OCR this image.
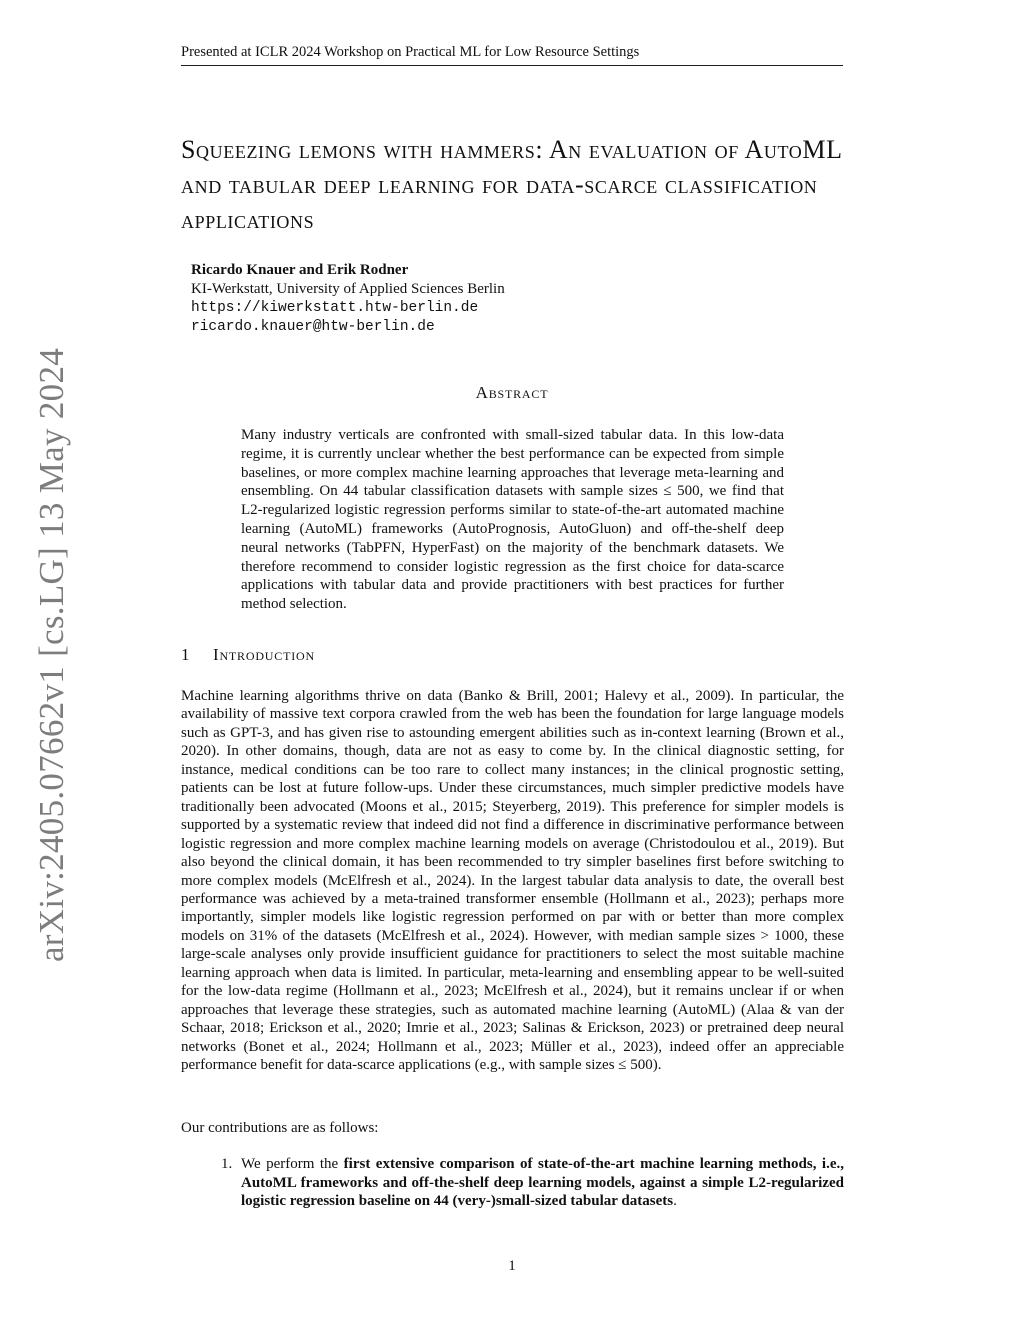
Presented at ICLR 2024 Workshop on Practical ML for Low Resource Settings
arXiv:2405.07662v1 [cs.LG] 13 May 2024
Squeezing lemons with hammers: An evaluation of AutoML and tabular deep learning for data-scarce classification applications
Ricardo Knauer and Erik Rodner
KI-Werkstatt, University of Applied Sciences Berlin
https://kiwerkstatt.htw-berlin.de
ricardo.knauer@htw-berlin.de
Abstract
Many industry verticals are confronted with small-sized tabular data. In this low-data regime, it is currently unclear whether the best performance can be expected from simple baselines, or more complex machine learning approaches that leverage meta-learning and ensembling. On 44 tabular classification datasets with sample sizes ≤ 500, we find that L2-regularized logistic regression performs similar to state-of-the-art automated machine learning (AutoML) frameworks (AutoPrognosis, AutoGluon) and off-the-shelf deep neural networks (TabPFN, HyperFast) on the majority of the benchmark datasets. We therefore recommend to consider logistic regression as the first choice for data-scarce applications with tabular data and provide practitioners with best practices for further method selection.
1 Introduction

Machine learning algorithms thrive on data (Banko & Brill, 2001; Halevy et al., 2009). In particular, the availability of massive text corpora crawled from the web has been the foundation for large language models such as GPT-3, and has given rise to astounding emergent abilities such as in-context learning (Brown et al., 2020). In other domains, though, data are not as easy to come by. In the clinical diagnostic setting, for instance, medical conditions can be too rare to collect many instances; in the clinical prognostic setting, patients can be lost at future follow-ups. Under these circumstances, much simpler predictive models have traditionally been advocated (Moons et al., 2015; Steyerberg, 2019). This preference for simpler models is supported by a systematic review that indeed did not find a difference in discriminative performance between logistic regression and more complex machine learning models on average (Christodoulou et al., 2019). But also beyond the clinical domain, it has been recommended to try simpler baselines first before switching to more complex models (McElfresh et al., 2024). In the largest tabular data analysis to date, the overall best performance was achieved by a meta-trained transformer ensemble (Hollmann et al., 2023); perhaps more importantly, simpler models like logistic regression performed on par with or better than more complex models on 31% of the datasets (McElfresh et al., 2024). However, with median sample sizes > 1000, these large-scale analyses only provide insufficient guidance for practitioners to select the most suitable machine learning approach when data is limited. In particular, meta-learning and ensembling appear to be well-suited for the low-data regime (Hollmann et al., 2023; McElfresh et al., 2024), but it remains unclear if or when approaches that leverage these strategies, such as automated machine learning (AutoML) (Alaa & van der Schaar, 2018; Erickson et al., 2020; Imrie et al., 2023; Salinas & Erickson, 2023) or pretrained deep neural networks (Bonet et al., 2024; Hollmann et al., 2023; Müller et al., 2023), indeed offer an appreciable performance benefit for data-scarce applications (e.g., with sample sizes ≤ 500).

Our contributions are as follows:
1. We perform the first extensive comparison of state-of-the-art machine learning methods, i.e., AutoML frameworks and off-the-shelf deep learning models, against a simple L2-regularized logistic regression baseline on 44 (very-)small-sized tabular datasets.
1
